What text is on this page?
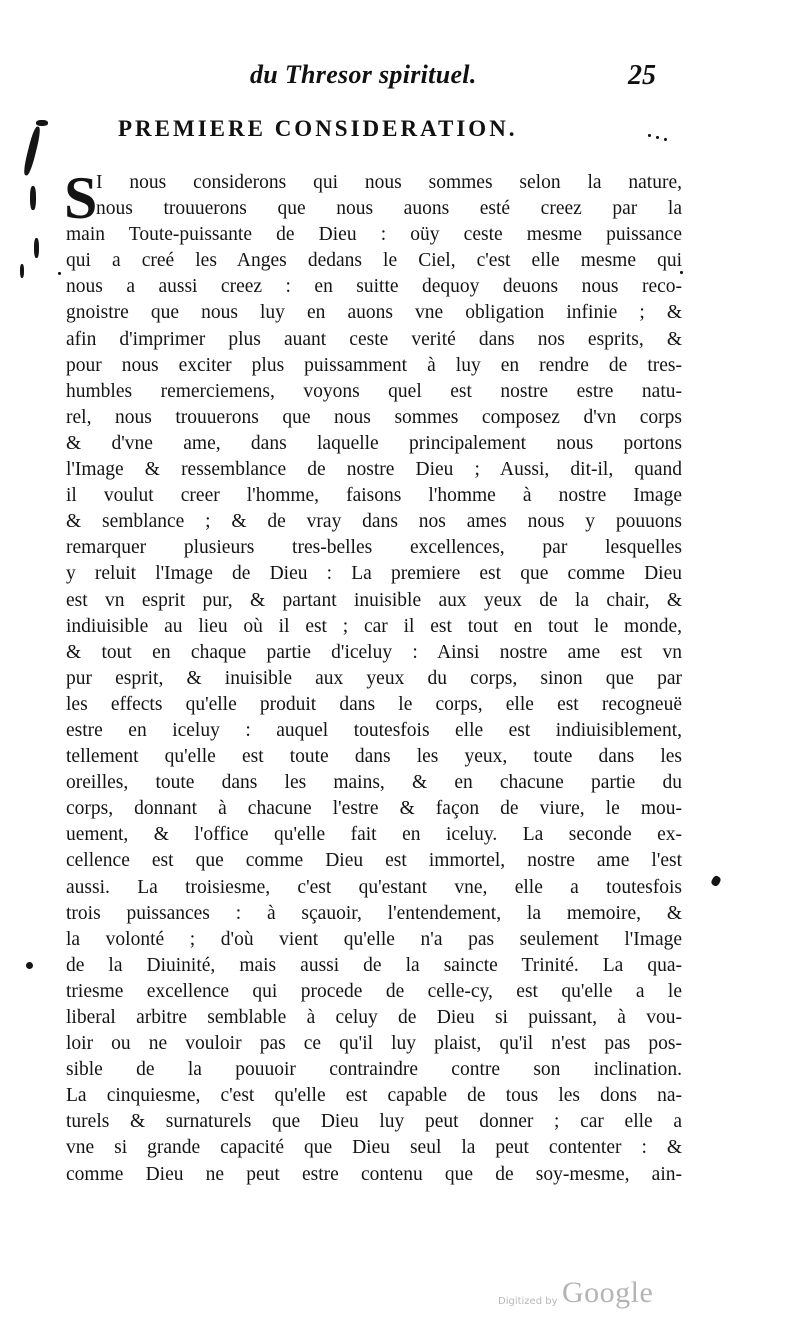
du Thresor spirituel.	25
PREMIERE CONSIDERATION.
S
I nous considerons qui nous sommes selon la nature,
nous trouuerons que nous auons esté creez par la
main Toute-puissante de Dieu : oüy ceste mesme puissance
qui a creé les Anges dedans le Ciel, c'est elle mesme qui
nous a aussi creez : en suitte dequoy deuons nous reco-
gnoistre que nous luy en auons vne obligation infinie ; &
afin d'imprimer plus auant ceste verité dans nos esprits, &
pour nous exciter plus puissamment à luy en rendre de tres-
humbles remerciemens, voyons quel est nostre estre natu-
rel, nous trouuerons que nous sommes composez d'vn corps
& d'vne ame, dans laquelle principalement nous portons
l'Image & ressemblance de nostre Dieu ; Aussi, dit-il, quand
il voulut creer l'homme, faisons l'homme à nostre Image
& semblance ; & de vray dans nos ames nous y pouuons
remarquer plusieurs tres-belles excellences, par lesquelles
y reluit l'Image de Dieu : La premiere est que comme Dieu
est vn esprit pur, & partant inuisible aux yeux de la chair, &
indiuisible au lieu où il est ; car il est tout en tout le monde,
& tout en chaque partie d'iceluy : Ainsi nostre ame est vn
pur esprit, & inuisible aux yeux du corps, sinon que par
les effects qu'elle produit dans le corps, elle est recogneuë
estre en iceluy : auquel toutesfois elle est indiuisiblement,
tellement qu'elle est toute dans les yeux, toute dans les
oreilles, toute dans les mains, & en chacune partie du
corps, donnant à chacune l'estre & façon de viure, le mou-
uement, & l'office qu'elle fait en iceluy. La seconde ex-
cellence est que comme Dieu est immortel, nostre ame l'est
aussi. La troisiesme, c'est qu'estant vne, elle a toutesfois
trois puissances : à sçauoir, l'entendement, la memoire, &
la volonté ; d'où vient qu'elle n'a pas seulement l'Image
de la Diuinité, mais aussi de la saincte Trinité. La qua-
triesme excellence qui procede de celle-cy, est qu'elle a le
liberal arbitre semblable à celuy de Dieu si puissant, à vou-
loir ou ne vouloir pas ce qu'il luy plaist, qu'il n'est pas pos-
sible de la pouuoir contraindre contre son inclination.
La cinquiesme, c'est qu'elle est capable de tous les dons na-
turels & surnaturels que Dieu luy peut donner ; car elle a
vne si grande capacité que Dieu seul la peut contenter : &
comme Dieu ne peut estre contenu que de soy-mesme, ain-
Digitized by Google
